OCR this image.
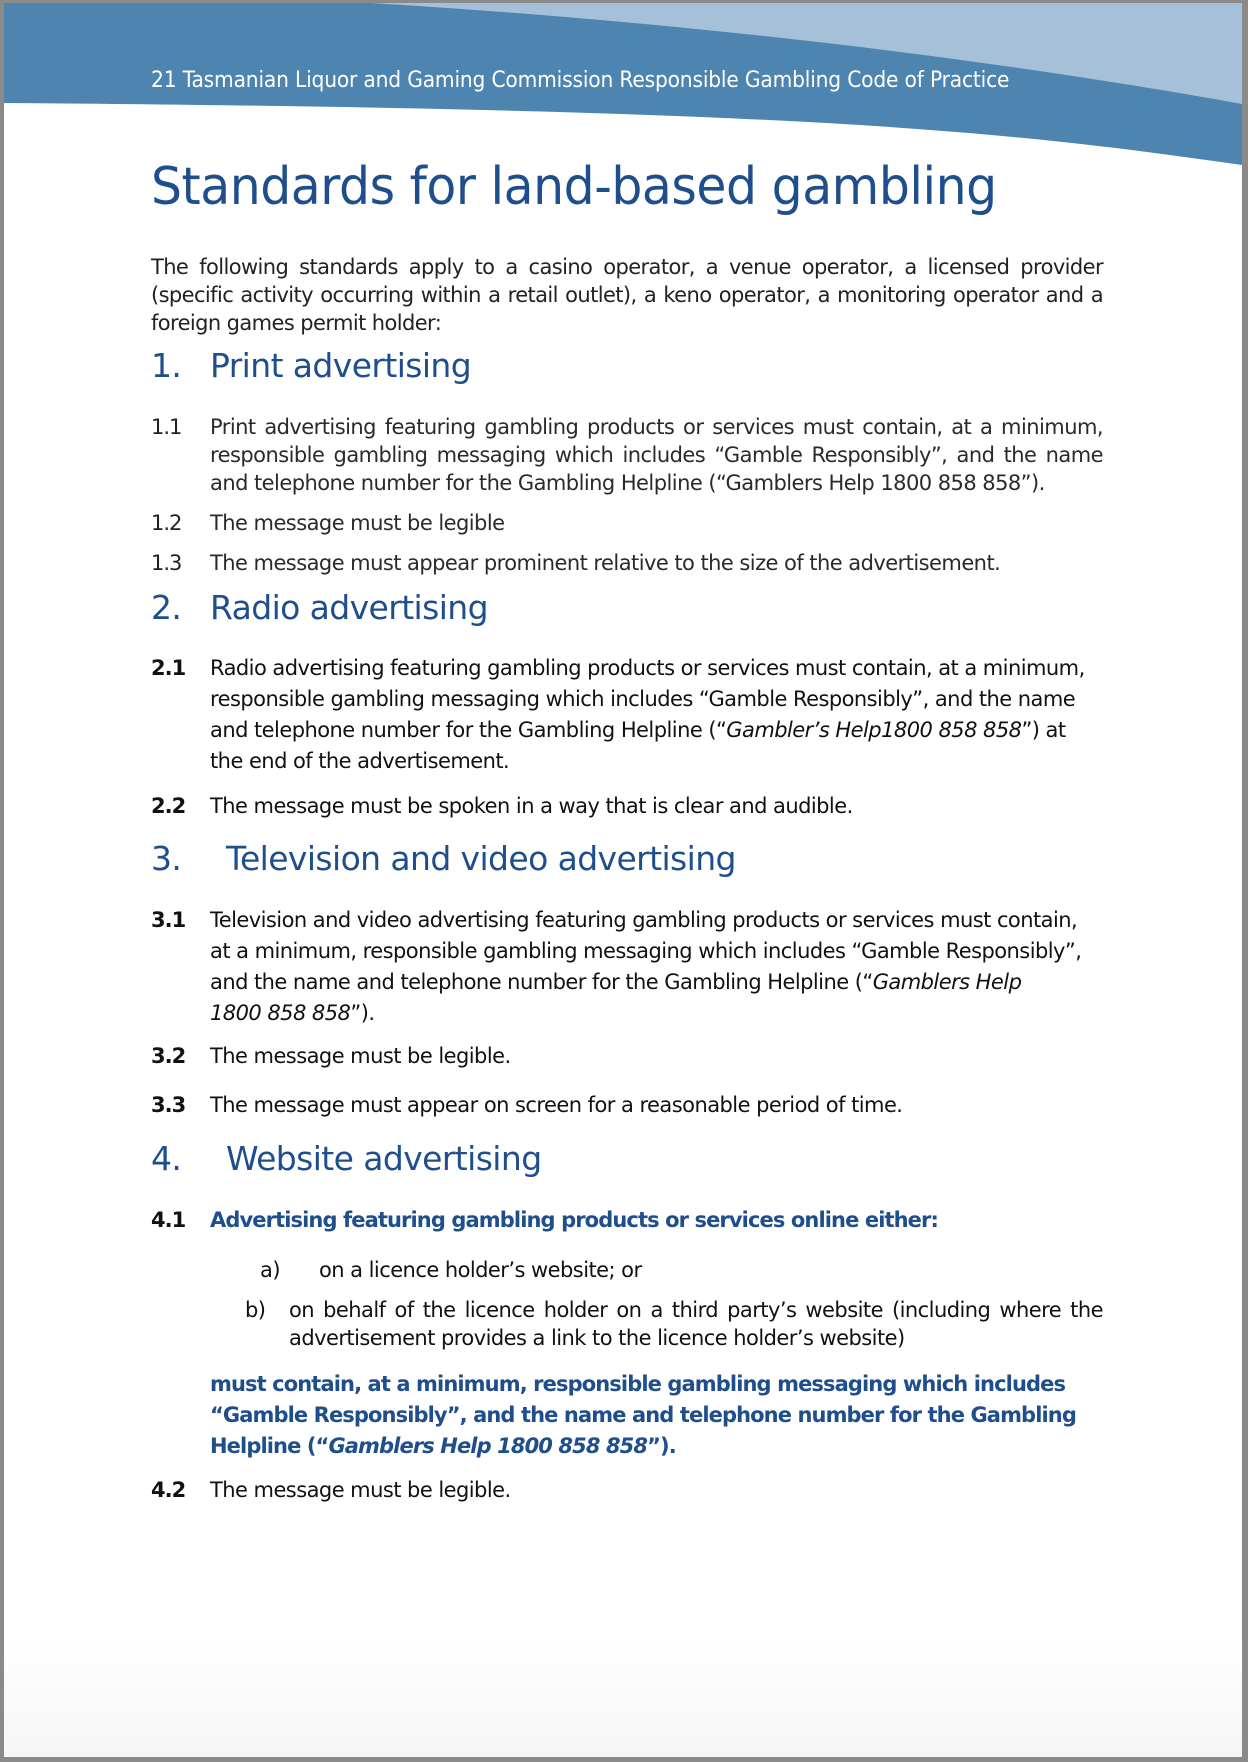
21 Tasmanian Liquor and Gaming Commission Responsible Gambling Code of Practice
Standards for land-based gambling

The following standards apply to a casino operator, a venue operator, a licensed provider (specific activity occurring within a retail outlet), a keno operator, a monitoring operator and a foreign games permit holder:

1. Print advertising
1.1	Print advertising featuring gambling products or services must contain, at a minimum, responsible gambling messaging which includes “Gamble Responsibly”, and the name and telephone number for the Gambling Helpline (“Gamblers Help 1800 858 858”).
1.2	The message must be legible
1.3	The message must appear prominent relative to the size of the advertisement.
2. Radio advertising
2.1	Radio advertising featuring gambling products or services must contain, at a minimum, responsible gambling messaging which includes “Gamble Responsibly”, and the name and telephone number for the Gambling Helpline (“Gambler’s Help1800 858 858”) at the end of the advertisement.
2.2	The message must be spoken in a way that is clear and audible.
3.	Television and video advertising
3.1	Television and video advertising featuring gambling products or services must contain, at a minimum, responsible gambling messaging which includes “Gamble Responsibly”, and the name and telephone number for the Gambling Helpline (“Gamblers Help
1800 858 858”).
3.2	The message must be legible.
3.3	The message must appear on screen for a reasonable period of time.
4.	Website advertising
4.1	Advertising featuring gambling products or services online either:
a)	on a licence holder’s website; or
b)	on behalf of the licence holder on a third party’s website (including where the advertisement provides a link to the licence holder’s website)
must contain, at a minimum, responsible gambling messaging which includes “Gamble Responsibly”, and the name and telephone number for the Gambling Helpline (“Gamblers Help 1800 858 858”).
4.2	The message must be legible.
